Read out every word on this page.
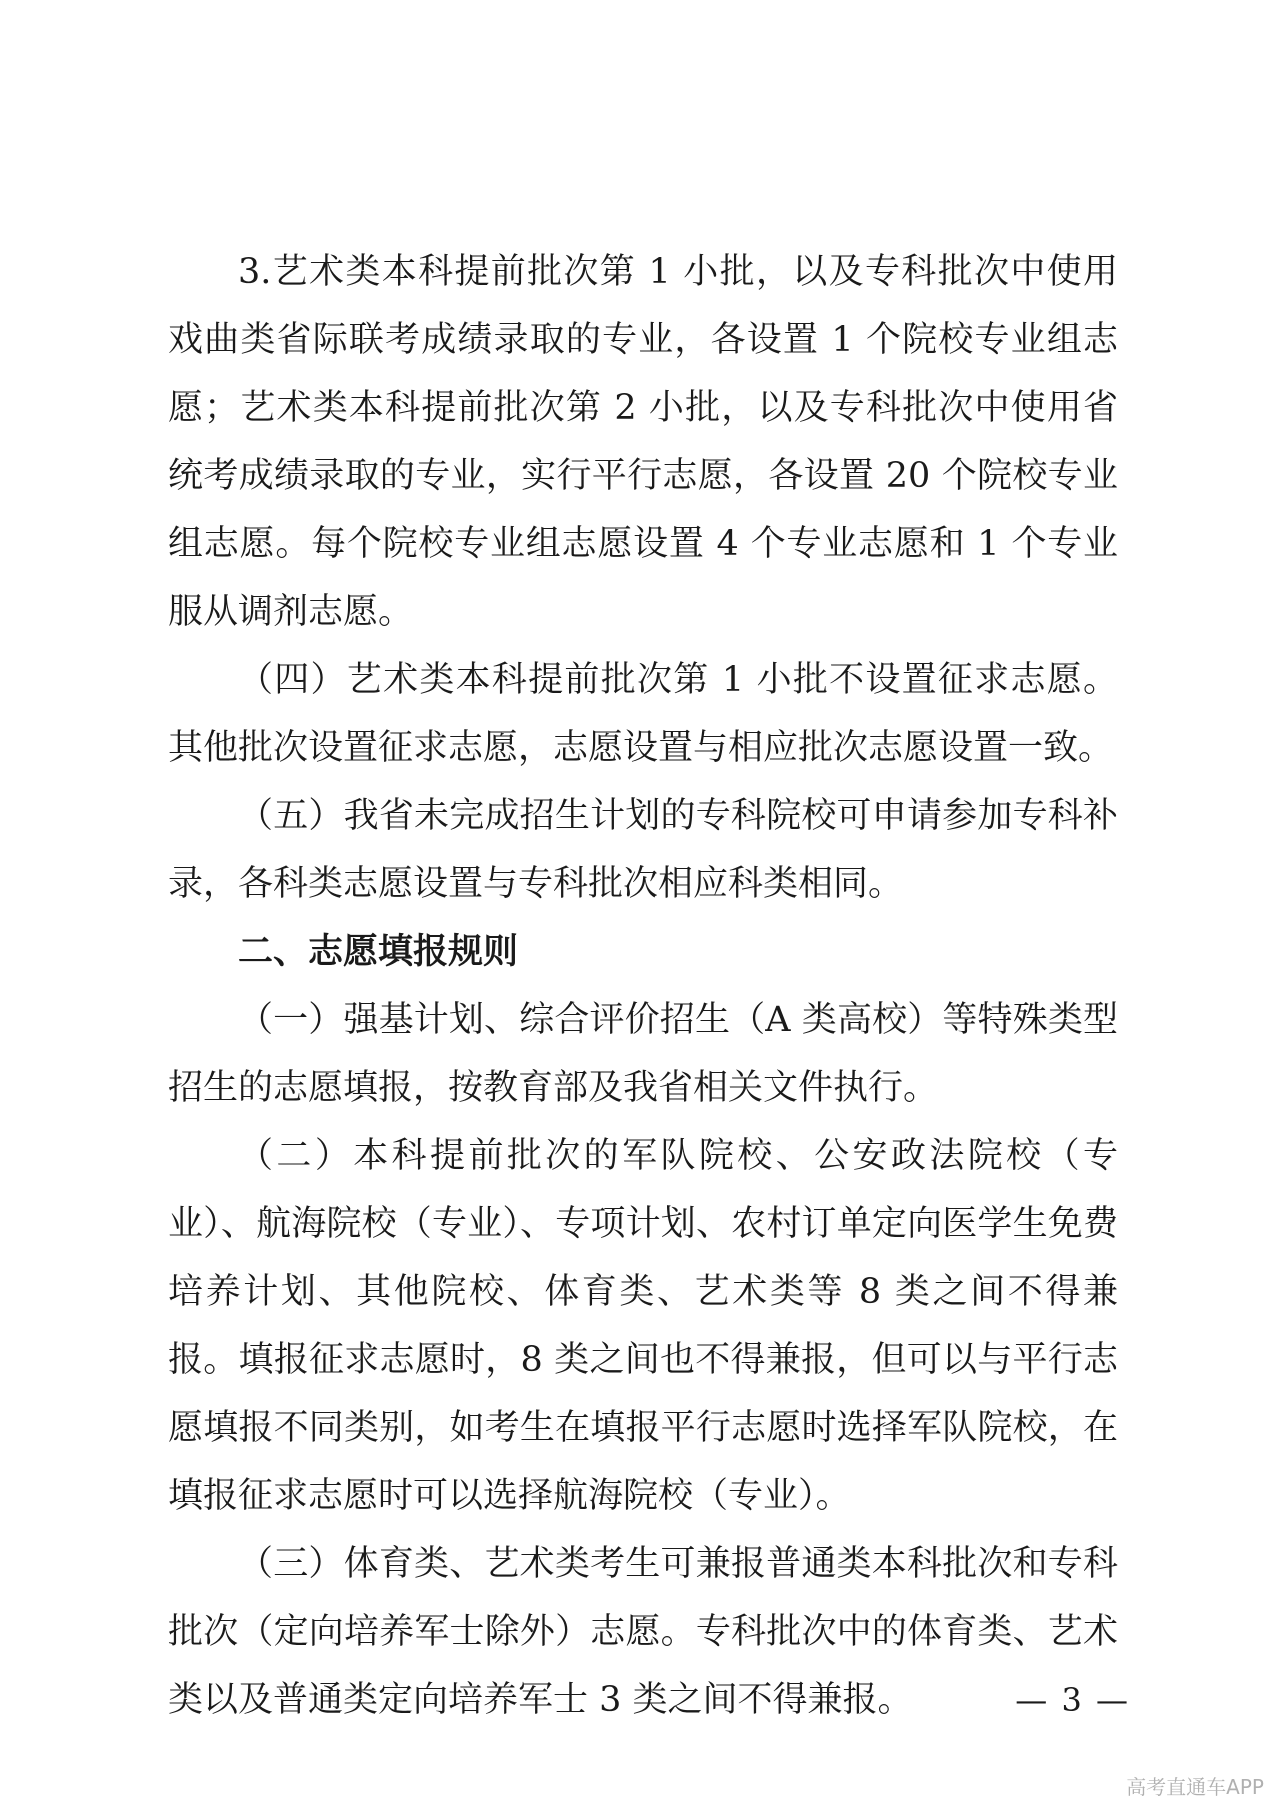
3.艺术类本科提前批次第 1 小批，以及专科批次中使用戏曲类省际联考成绩录取的专业，各设置 1 个院校专业组志愿；艺术类本科提前批次第 2 小批，以及专科批次中使用省统考成绩录取的专业，实行平行志愿，各设置 20 个院校专业组志愿。每个院校专业组志愿设置 4 个专业志愿和 1 个专业服从调剂志愿。

（四）艺术类本科提前批次第 1 小批不设置征求志愿。其他批次设置征求志愿，志愿设置与相应批次志愿设置一致。

（五）我省未完成招生计划的专科院校可申请参加专科补录，各科类志愿设置与专科批次相应科类相同。

二、志愿填报规则

（一）强基计划、综合评价招生（A 类高校）等特殊类型招生的志愿填报，按教育部及我省相关文件执行。

（二）本科提前批次的军队院校、公安政法院校（专业）、航海院校（专业）、专项计划、农村订单定向医学生免费培养计划、其他院校、体育类、艺术类等 8 类之间不得兼报。填报征求志愿时，8 类之间也不得兼报，但可以与平行志愿填报不同类别，如考生在填报平行志愿时选择军队院校，在填报征求志愿时可以选择航海院校（专业）。

（三）体育类、艺术类考生可兼报普通类本科批次和专科批次（定向培养军士除外）志愿。专科批次中的体育类、艺术类以及普通类定向培养军士 3 类之间不得兼报。	— 3 —
高考直通车APP
